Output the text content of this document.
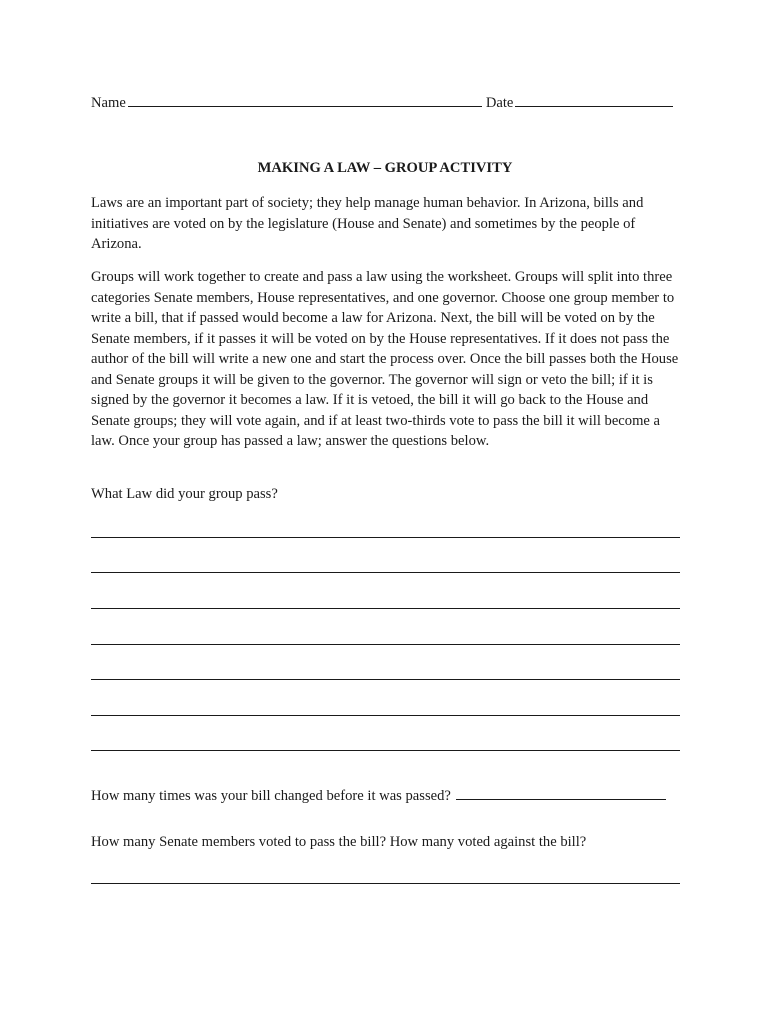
Name	Date
MAKING A LAW – GROUP ACTIVITY

Laws are an important part of society; they help manage human behavior. In Arizona, bills and initiatives are voted on by the legislature (House and Senate) and sometimes by the people of Arizona.

Groups will work together to create and pass a law using the worksheet. Groups will split into three categories Senate members, House representatives, and one governor. Choose one group member to write a bill, that if passed would become a law for Arizona. Next, the bill will be voted on by the Senate members, if it passes it will be voted on by the House representatives. If it does not pass the author of the bill will write a new one and start the process over. Once the bill passes both the House and Senate groups it will be given to the governor. The governor will sign or veto the bill; if it is signed by the governor it becomes a law. If it is vetoed, the bill it will go back to the House and Senate groups; they will vote again, and if at least two-thirds vote to pass the bill it will become a law. Once your group has passed a law; answer the questions below.

What Law did your group pass?
How many times was your bill changed before it was passed?
How many Senate members voted to pass the bill? How many voted against the bill?
